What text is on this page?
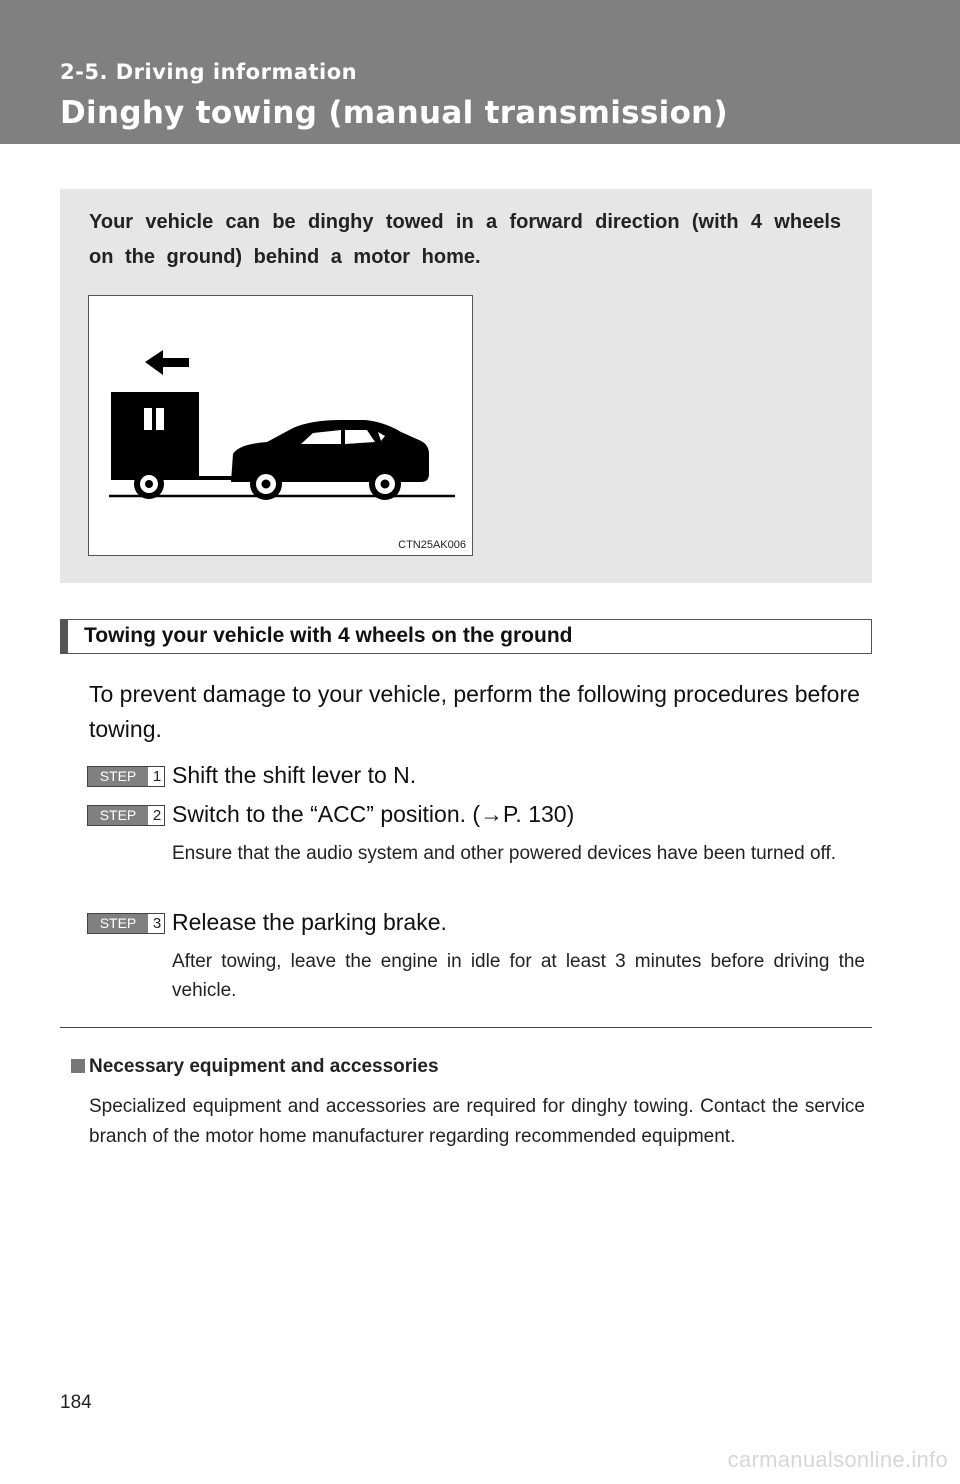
2-5. Driving information
Dinghy towing (manual transmission)
Your vehicle can be dinghy towed in a forward direction (with 4 wheels on the ground) behind a motor home.
CTN25AK006
Towing your vehicle with 4 wheels on the ground
To prevent damage to your vehicle, perform the following procedures before towing.
STEP	1 Shift the shift lever to N.
STEP	2 Switch to the “ACC” position. (→P. 130)
Ensure that the audio system and other powered devices have been turned off.
STEP	3 Release the parking brake.
After towing, leave the engine in idle for at least 3 minutes before driving the vehicle.
Necessary equipment and accessories
Specialized equipment and accessories are required for dinghy towing. Contact the service branch of the motor home manufacturer regarding recommended equipment.
184
carmanualsonline.info
